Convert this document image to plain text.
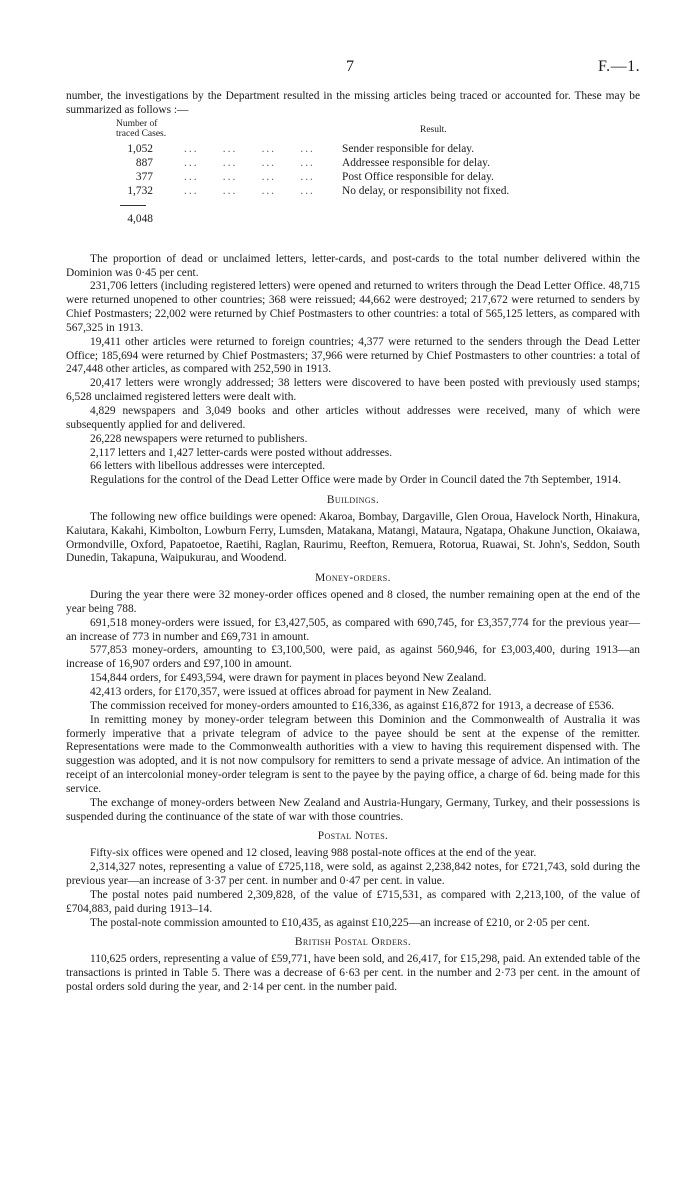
7	F.—1.

number, the investigations by the Department resulted in the missing articles being traced or accounted for. These may be summarized as follows :—

Number of traced Cases.	Result.
1,052	...     ...     ...     ... Sender responsible for delay.
887	...     ...     ...     ... Addressee responsible for delay.
377	...     ...     ...     ... Post Office responsible for delay.
1,732	...     ...     ...     ... No delay, or responsibility not fixed.
4,048

The proportion of dead or unclaimed letters, letter-cards, and post-cards to the total number delivered within the Dominion was 0·45 per cent.

231,706 letters (including registered letters) were opened and returned to writers through the Dead Letter Office. 48,715 were returned unopened to other countries; 368 were reissued; 44,662 were destroyed; 217,672 were returned to senders by Chief Postmasters; 22,002 were returned by Chief Postmasters to other countries: a total of 565,125 letters, as compared with 567,325 in 1913.

19,411 other articles were returned to foreign countries; 4,377 were returned to the senders through the Dead Letter Office; 185,694 were returned by Chief Postmasters; 37,966 were returned by Chief Postmasters to other countries: a total of 247,448 other articles, as compared with 252,590 in 1913.

20,417 letters were wrongly addressed; 38 letters were discovered to have been posted with previously used stamps; 6,528 unclaimed registered letters were dealt with.

4,829 newspapers and 3,049 books and other articles without addresses were received, many of which were subsequently applied for and delivered.

26,228 newspapers were returned to publishers.

2,117 letters and 1,427 letter-cards were posted without addresses.

66 letters with libellous addresses were intercepted.

Regulations for the control of the Dead Letter Office were made by Order in Council dated the 7th September, 1914.

Buildings.

The following new office buildings were opened: Akaroa, Bombay, Dargaville, Glen Oroua, Havelock North, Hinakura, Kaiutara, Kakahi, Kimbolton, Lowburn Ferry, Lumsden, Matakana, Matangi, Mataura, Ngatapa, Ohakune Junction, Okaiawa, Ormondville, Oxford, Papatoetoe, Raetihi, Raglan, Raurimu, Reefton, Remuera, Rotorua, Ruawai, St. John's, Seddon, South Dunedin, Takapuna, Waipukurau, and Woodend.

Money-orders.

During the year there were 32 money-order offices opened and 8 closed, the number remaining open at the end of the year being 788.

691,518 money-orders were issued, for £3,427,505, as compared with 690,745, for £3,357,774 for the previous year—an increase of 773 in number and £69,731 in amount.

577,853 money-orders, amounting to £3,100,500, were paid, as against 560,946, for £3,003,400, during 1913—an increase of 16,907 orders and £97,100 in amount.

154,844 orders, for £493,594, were drawn for payment in places beyond New Zealand.

42,413 orders, for £170,357, were issued at offices abroad for payment in New Zealand.

The commission received for money-orders amounted to £16,336, as against £16,872 for 1913, a decrease of £536.

In remitting money by money-order telegram between this Dominion and the Commonwealth of Australia it was formerly imperative that a private telegram of advice to the payee should be sent at the expense of the remitter. Representations were made to the Commonwealth authorities with a view to having this requirement dispensed with. The suggestion was adopted, and it is not now compulsory for remitters to send a private message of advice. An intimation of the receipt of an intercolonial money-order telegram is sent to the payee by the paying office, a charge of 6d. being made for this service.

The exchange of money-orders between New Zealand and Austria-Hungary, Germany, Turkey, and their possessions is suspended during the continuance of the state of war with those countries.

Postal Notes.

Fifty-six offices were opened and 12 closed, leaving 988 postal-note offices at the end of the year.

2,314,327 notes, representing a value of £725,118, were sold, as against 2,238,842 notes, for £721,743, sold during the previous year—an increase of 3·37 per cent. in number and 0·47 per cent. in value.

The postal notes paid numbered 2,309,828, of the value of £715,531, as compared with 2,213,100, of the value of £704,883, paid during 1913–14.

The postal-note commission amounted to £10,435, as against £10,225—an increase of £210, or 2·05 per cent.

British Postal Orders.

110,625 orders, representing a value of £59,771, have been sold, and 26,417, for £15,298, paid. An extended table of the transactions is printed in Table 5. There was a decrease of 6·63 per cent. in the number and 2·73 per cent. in the amount of postal orders sold during the year, and 2·14 per cent. in the number paid.
